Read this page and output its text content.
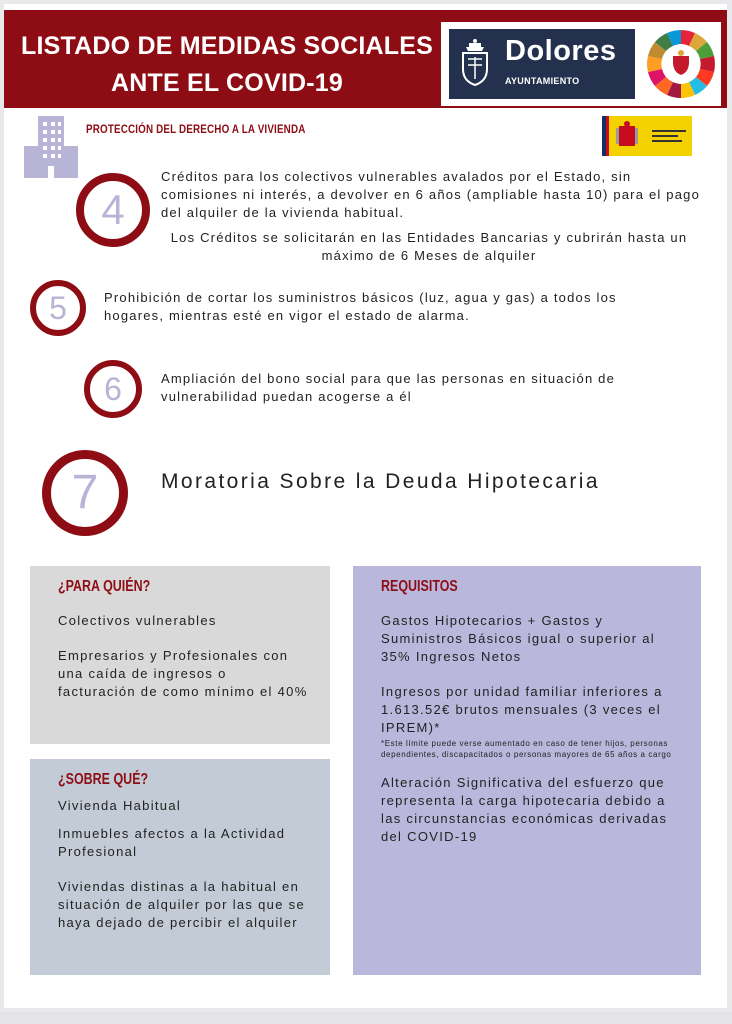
LISTADO DE MEDIDAS SOCIALES
ANTE EL COVID-19
Dolores
AYUNTAMIENTO
PROTECCIÓN DEL DERECHO A LA VIVIENDA
4
Créditos para los colectivos vulnerables avalados por el Estado, sin comisiones ni interés, a devolver en 6 años (ampliable hasta 10) para el pago del alquiler de la vivienda habitual.
Los Créditos se solicitarán en las Entidades Bancarias y cubrirán hasta un máximo de 6 Meses de alquiler
5	Prohibición de cortar los suministros básicos (luz, agua y gas) a todos los hogares, mientras esté en vigor el estado de alarma.
6	Ampliación del bono social para que las personas en situación de vulnerabilidad puedan acogerse a él
7	Moratoria Sobre la Deuda Hipotecaria
¿PARA QUIÉN?
Colectivos vulnerables
Empresarios y Profesionales con una caída de ingresos o facturación de como mínimo el 40%
¿SOBRE QUÉ?
Vivienda Habitual
Inmuebles afectos a la Actividad Profesional
Viviendas distinas a la habitual en situación de alquiler por las que se haya dejado de percibir el alquiler
REQUISITOS
Gastos Hipotecarios + Gastos y Suministros Básicos igual o superior al 35% Ingresos Netos
Ingresos por unidad familiar inferiores a 1.613.52€ brutos mensuales (3 veces el IPREM)*
*Este límite puede verse aumentado en caso de tener hijos, personas dependientes, discapacitados o personas mayores de 65 años a cargo
Alteración Significativa del esfuerzo que representa la carga hipotecaria debido a las circunstancias económicas derivadas del COVID-19
